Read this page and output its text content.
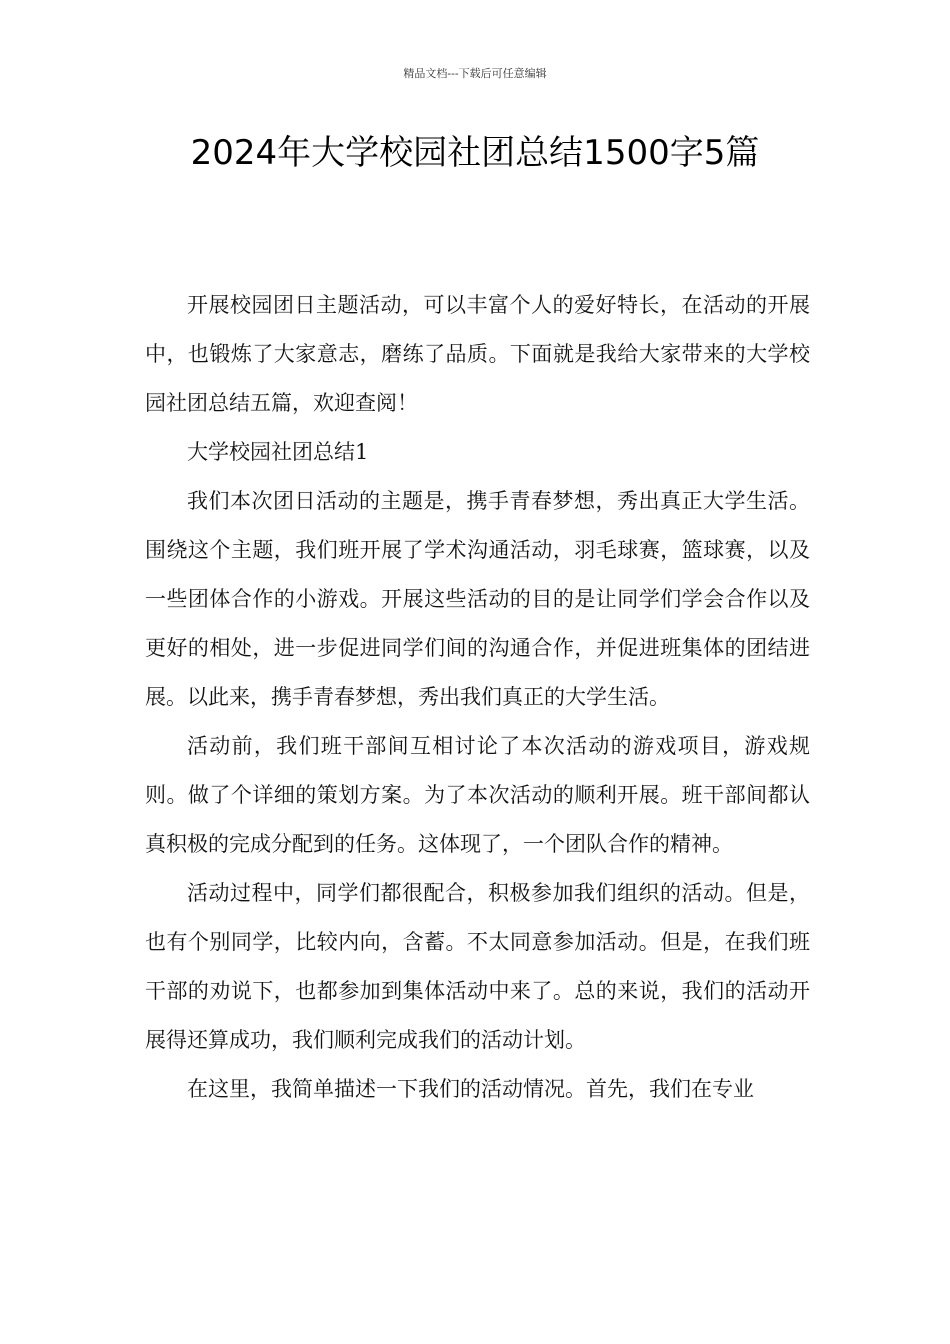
精品文档---下载后可任意编辑
2024年大学校园社团总结1500字5篇

开展校园团日主题活动，可以丰富个人的爱好特长，在活动的开展中，也锻炼了大家意志，磨练了品质。下面就是我给大家带来的大学校园社团总结五篇，欢迎查阅！

大学校园社团总结1

我们本次团日活动的主题是，携手青春梦想，秀出真正大学生活。围绕这个主题，我们班开展了学术沟通活动，羽毛球赛，篮球赛，以及一些团体合作的小游戏。开展这些活动的目的是让同学们学会合作以及更好的相处，进一步促进同学们间的沟通合作，并促进班集体的团结进展。以此来，携手青春梦想，秀出我们真正的大学生活。

活动前，我们班干部间互相讨论了本次活动的游戏项目，游戏规则。做了个详细的策划方案。为了本次活动的顺利开展。班干部间都认真积极的完成分配到的任务。这体现了，一个团队合作的精神。

活动过程中，同学们都很配合，积极参加我们组织的活动。但是，也有个别同学，比较内向，含蓄。不太同意参加活动。但是，在我们班干部的劝说下，也都参加到集体活动中来了。总的来说，我们的活动开展得还算成功，我们顺利完成我们的活动计划。

在这里，我简单描述一下我们的活动情况。首先，我们在专业
